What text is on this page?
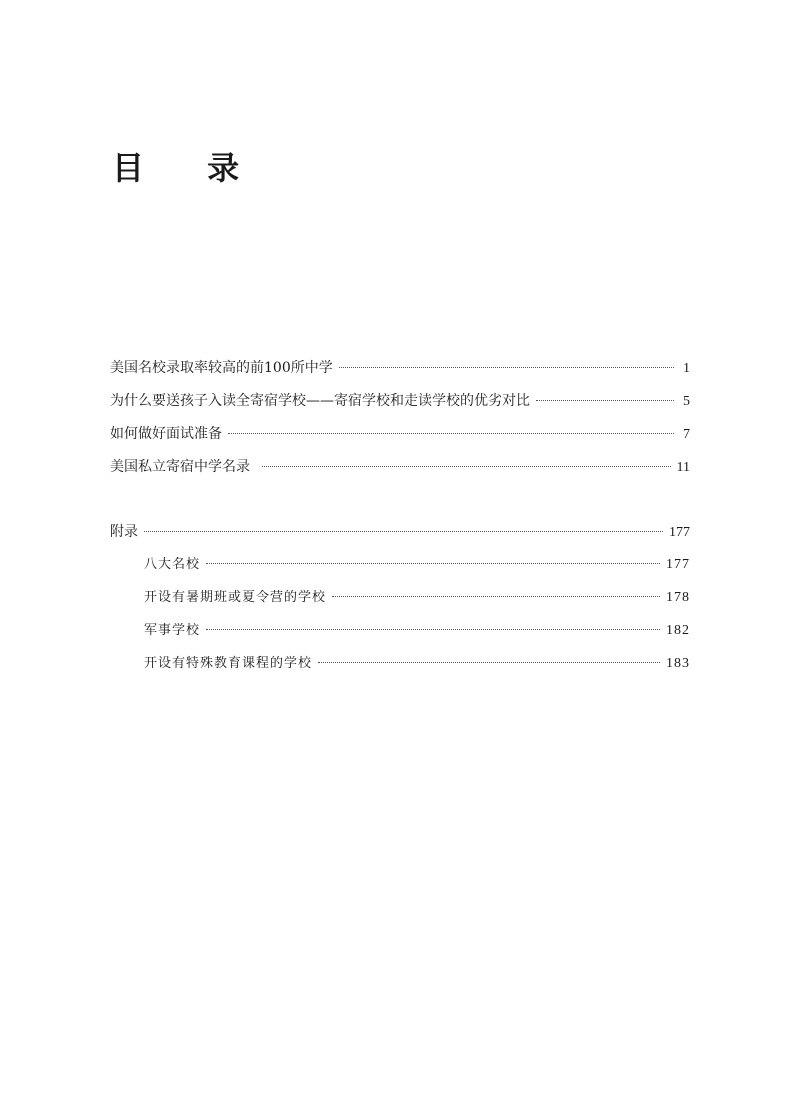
目 录
美国名校录取率较高的前100所中学	1
为什么要送孩子入读全寄宿学校——寄宿学校和走读学校的优劣对比	5
如何做好面试准备	7
美国私立寄宿中学名录	11
附录	177
八大名校	177
开设有暑期班或夏令营的学校	178
军事学校	182
开设有特殊教育课程的学校	183
